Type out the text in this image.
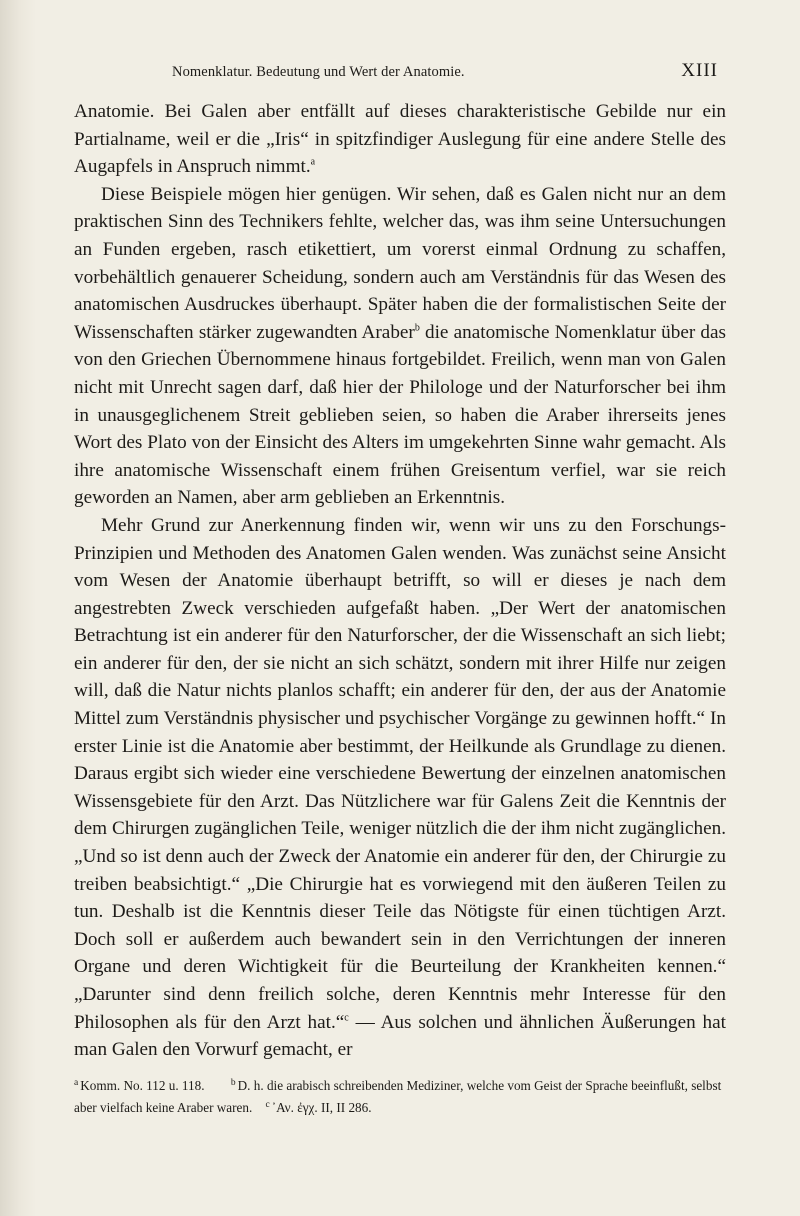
Nomenklatur. Bedeutung und Wert der Anatomie.	XIII

Anatomie. Bei Galen aber entfällt auf dieses charakteristische Gebilde nur ein Partialname, weil er die „Iris“ in spitzfindiger Auslegung für eine andere Stelle des Augapfels in Anspruch nimmt.$^a$

Diese Beispiele mögen hier genügen. Wir sehen, daß es Galen nicht nur an dem praktischen Sinn des Technikers fehlte, welcher das, was ihm seine Untersuchungen an Funden ergeben, rasch etikettiert, um vorerst einmal Ordnung zu schaffen, vorbehältlich genauerer Scheidung, sondern auch am Verständnis für das Wesen des anatomischen Ausdruckes überhaupt. Später haben die der formalistischen Seite der Wissenschaften stärker zugewandten Araber$^b$ die anatomische Nomenklatur über das von den Griechen Übernommene hinaus fortgebildet. Freilich, wenn man von Galen nicht mit Unrecht sagen darf, daß hier der Philologe und der Naturforscher bei ihm in unausgeglichenem Streit geblieben seien, so haben die Araber ihrerseits jenes Wort des Plato von der Einsicht des Alters im umgekehrten Sinne wahr gemacht. Als ihre anatomische Wissenschaft einem frühen Greisentum verfiel, war sie reich geworden an Namen, aber arm geblieben an Erkenntnis.

Mehr Grund zur Anerkennung finden wir, wenn wir uns zu den Forschungs-Prinzipien und Methoden des Anatomen Galen wenden. Was zunächst seine Ansicht vom Wesen der Anatomie überhaupt betrifft, so will er dieses je nach dem angestrebten Zweck verschieden aufgefaßt haben. „Der Wert der anatomischen Betrachtung ist ein anderer für den Naturforscher, der die Wissenschaft an sich liebt; ein anderer für den, der sie nicht an sich schätzt, sondern mit ihrer Hilfe nur zeigen will, daß die Natur nichts planlos schafft; ein anderer für den, der aus der Anatomie Mittel zum Verständnis physischer und psychischer Vorgänge zu gewinnen hofft.“ In erster Linie ist die Anatomie aber bestimmt, der Heilkunde als Grundlage zu dienen. Daraus ergibt sich wieder eine verschiedene Bewertung der einzelnen anatomischen Wissensgebiete für den Arzt. Das Nützlichere war für Galens Zeit die Kenntnis der dem Chirurgen zugänglichen Teile, weniger nützlich die der ihm nicht zugänglichen. „Und so ist denn auch der Zweck der Anatomie ein anderer für den, der Chirurgie zu treiben beabsichtigt.“ „Die Chirurgie hat es vorwiegend mit den äußeren Teilen zu tun. Deshalb ist die Kenntnis dieser Teile das Nötigste für einen tüchtigen Arzt. Doch soll er außerdem auch bewandert sein in den Verrichtungen der inneren Organe und deren Wichtigkeit für die Beurteilung der Krankheiten kennen.“ „Darunter sind denn freilich solche, deren Kenntnis mehr Interesse für den Philosophen als für den Arzt hat.“$^c$ — Aus solchen und ähnlichen Äußerungen hat man Galen den Vorwurf gemacht, er

$^a$ Komm. No. 112 u. 118.  	$^b$ D. h. die arabisch schreibenden Mediziner, welche vom Geist der Sprache beeinflußt, selbst aber vielfach keine Araber waren.  $^c$ ᾽Αν. ἐγχ. II, II 286.
